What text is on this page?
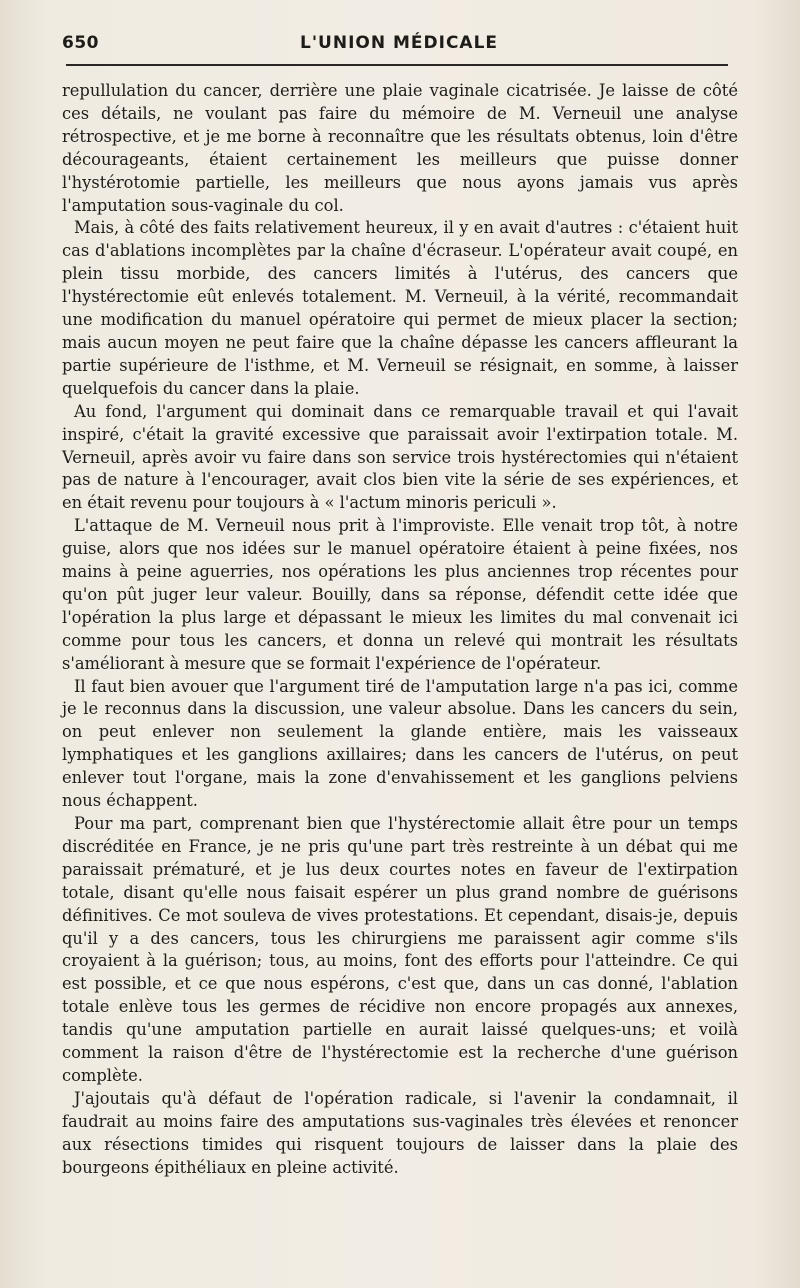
650	L'UNION MÉDICALE

repullulation du cancer, derrière une plaie vaginale cicatrisée. Je laisse de côté ces détails, ne voulant pas faire du mémoire de M. Verneuil une analyse rétrospective, et je me borne à reconnaître que les résultats obtenus, loin d'être décourageants, étaient certainement les meilleurs que puisse donner l'hystérotomie partielle, les meilleurs que nous ayons jamais vus après l'amputation sous-vaginale du col.

Mais, à côté des faits relativement heureux, il y en avait d'autres : c'étaient huit cas d'ablations incomplètes par la chaîne d'écraseur. L'opérateur avait coupé, en plein tissu morbide, des cancers limités à l'utérus, des cancers que l'hystérectomie eût enlevés totalement. M. Verneuil, à la vérité, recommandait une modification du manuel opératoire qui permet de mieux placer la section; mais aucun moyen ne peut faire que la chaîne dépasse les cancers affleurant la partie supérieure de l'isthme, et M. Verneuil se résignait, en somme, à laisser quelquefois du cancer dans la plaie.

Au fond, l'argument qui dominait dans ce remarquable travail et qui l'avait inspiré, c'était la gravité excessive que paraissait avoir l'extirpation totale. M. Verneuil, après avoir vu faire dans son service trois hystérectomies qui n'étaient pas de nature à l'encourager, avait clos bien vite la série de ses expériences, et en était revenu pour toujours à « l'actum minoris periculi ».

L'attaque de M. Verneuil nous prit à l'improviste. Elle venait trop tôt, à notre guise, alors que nos idées sur le manuel opératoire étaient à peine fixées, nos mains à peine aguerries, nos opérations les plus anciennes trop récentes pour qu'on pût juger leur valeur. Bouilly, dans sa réponse, défendit cette idée que l'opération la plus large et dépassant le mieux les limites du mal convenait ici comme pour tous les cancers, et donna un relevé qui montrait les résultats s'améliorant à mesure que se formait l'expérience de l'opérateur.

Il faut bien avouer que l'argument tiré de l'amputation large n'a pas ici, comme je le reconnus dans la discussion, une valeur absolue. Dans les cancers du sein, on peut enlever non seulement la glande entière, mais les vaisseaux lymphatiques et les ganglions axillaires; dans les cancers de l'utérus, on peut enlever tout l'organe, mais la zone d'envahissement et les ganglions pelviens nous échappent.

Pour ma part, comprenant bien que l'hystérectomie allait être pour un temps discréditée en France, je ne pris qu'une part très restreinte à un débat qui me paraissait prématuré, et je lus deux courtes notes en faveur de l'extirpation totale, disant qu'elle nous faisait espérer un plus grand nombre de guérisons définitives. Ce mot souleva de vives protestations. Et cependant, disais-je, depuis qu'il y a des cancers, tous les chirurgiens me paraissent agir comme s'ils croyaient à la guérison; tous, au moins, font des efforts pour l'atteindre. Ce qui est possible, et ce que nous espérons, c'est que, dans un cas donné, l'ablation totale enlève tous les germes de récidive non encore propagés aux annexes, tandis qu'une amputation partielle en aurait laissé quelques-uns; et voilà comment la raison d'être de l'hystérectomie est la recherche d'une guérison complète.

J'ajoutais qu'à défaut de l'opération radicale, si l'avenir la condamnait, il faudrait au moins faire des amputations sus-vaginales très élevées et renoncer aux résections timides qui risquent toujours de laisser dans la plaie des bourgeons épithéliaux en pleine activité.
